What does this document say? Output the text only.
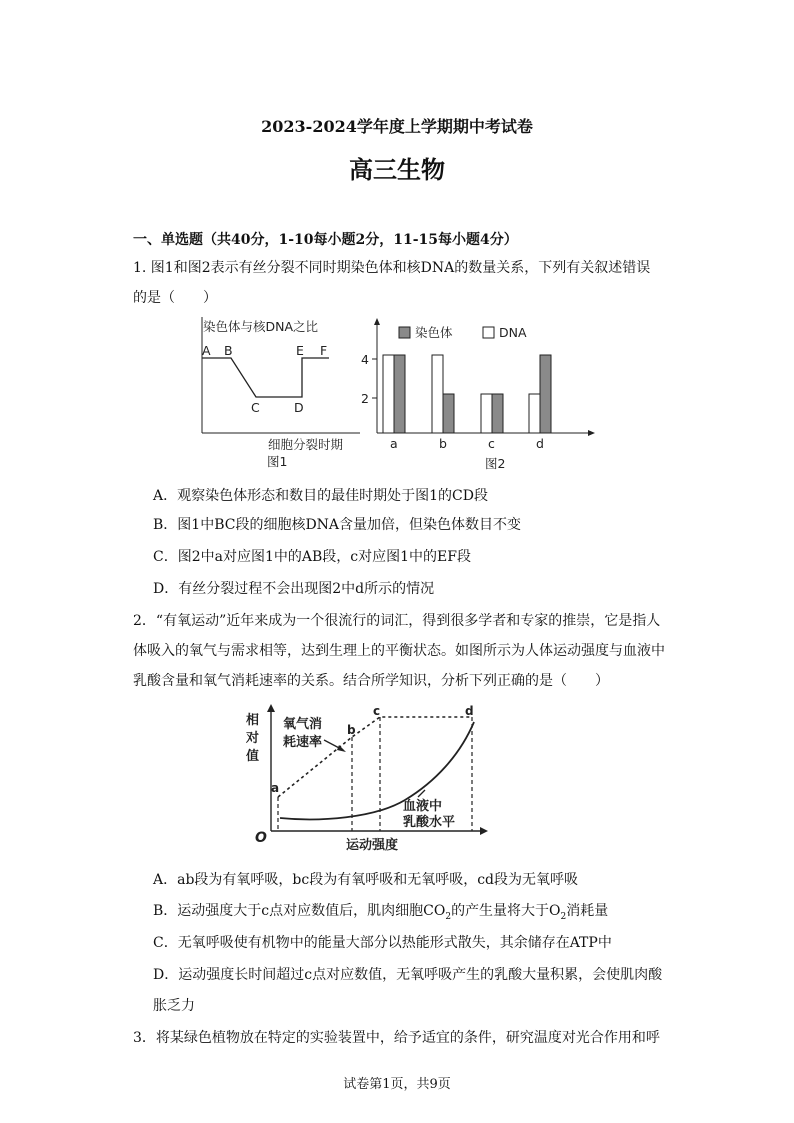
2023-2024学年度上学期期中考试卷
高三生物
一、单选题（共40分，1-10每小题2分，11-15每小题4分）
1. 图1和图2表示有丝分裂不同时期染色体和核DNA的数量关系，下列有关叙述错误
的是（　　）
染色体与核DNA之比
A B
C	D
E F
细胞分裂时期
图1
染色体	DNA
4
2
a	b	c	d
图2
A．观察染色体形态和数目的最佳时期处于图1的CD段
B．图1中BC段的细胞核DNA含量加倍，但染色体数目不变
C．图2中a对应图1中的AB段，c对应图1中的EF段
D．有丝分裂过程不会出现图2中d所示的情况
2．“有氧运动”近年来成为一个很流行的词汇，得到很多学者和专家的推崇，它是指人
体吸入的氧气与需求相等，达到生理上的平衡状态。如图所示为人体运动强度与血液中
乳酸含量和氧气消耗速率的关系。结合所学知识，分析下列正确的是（　　）
相
对
值
O	运动强度
a
b
c	d
氧气消
耗速率
血液中
乳酸水平
A．ab段为有氧呼吸，bc段为有氧呼吸和无氧呼吸，cd段为无氧呼吸
B．运动强度大于c点对应数值后，肌肉细胞$CO_2$的产生量将大于$O_2$消耗量
C．无氧呼吸使有机物中的能量大部分以热能形式散失，其余储存在ATP中
D．运动强度长时间超过c点对应数值，无氧呼吸产生的乳酸大量积累，会使肌肉酸
胀乏力
3．将某绿色植物放在特定的实验装置中，给予适宜的条件，研究温度对光合作用和呼
试卷第1页，共9页
